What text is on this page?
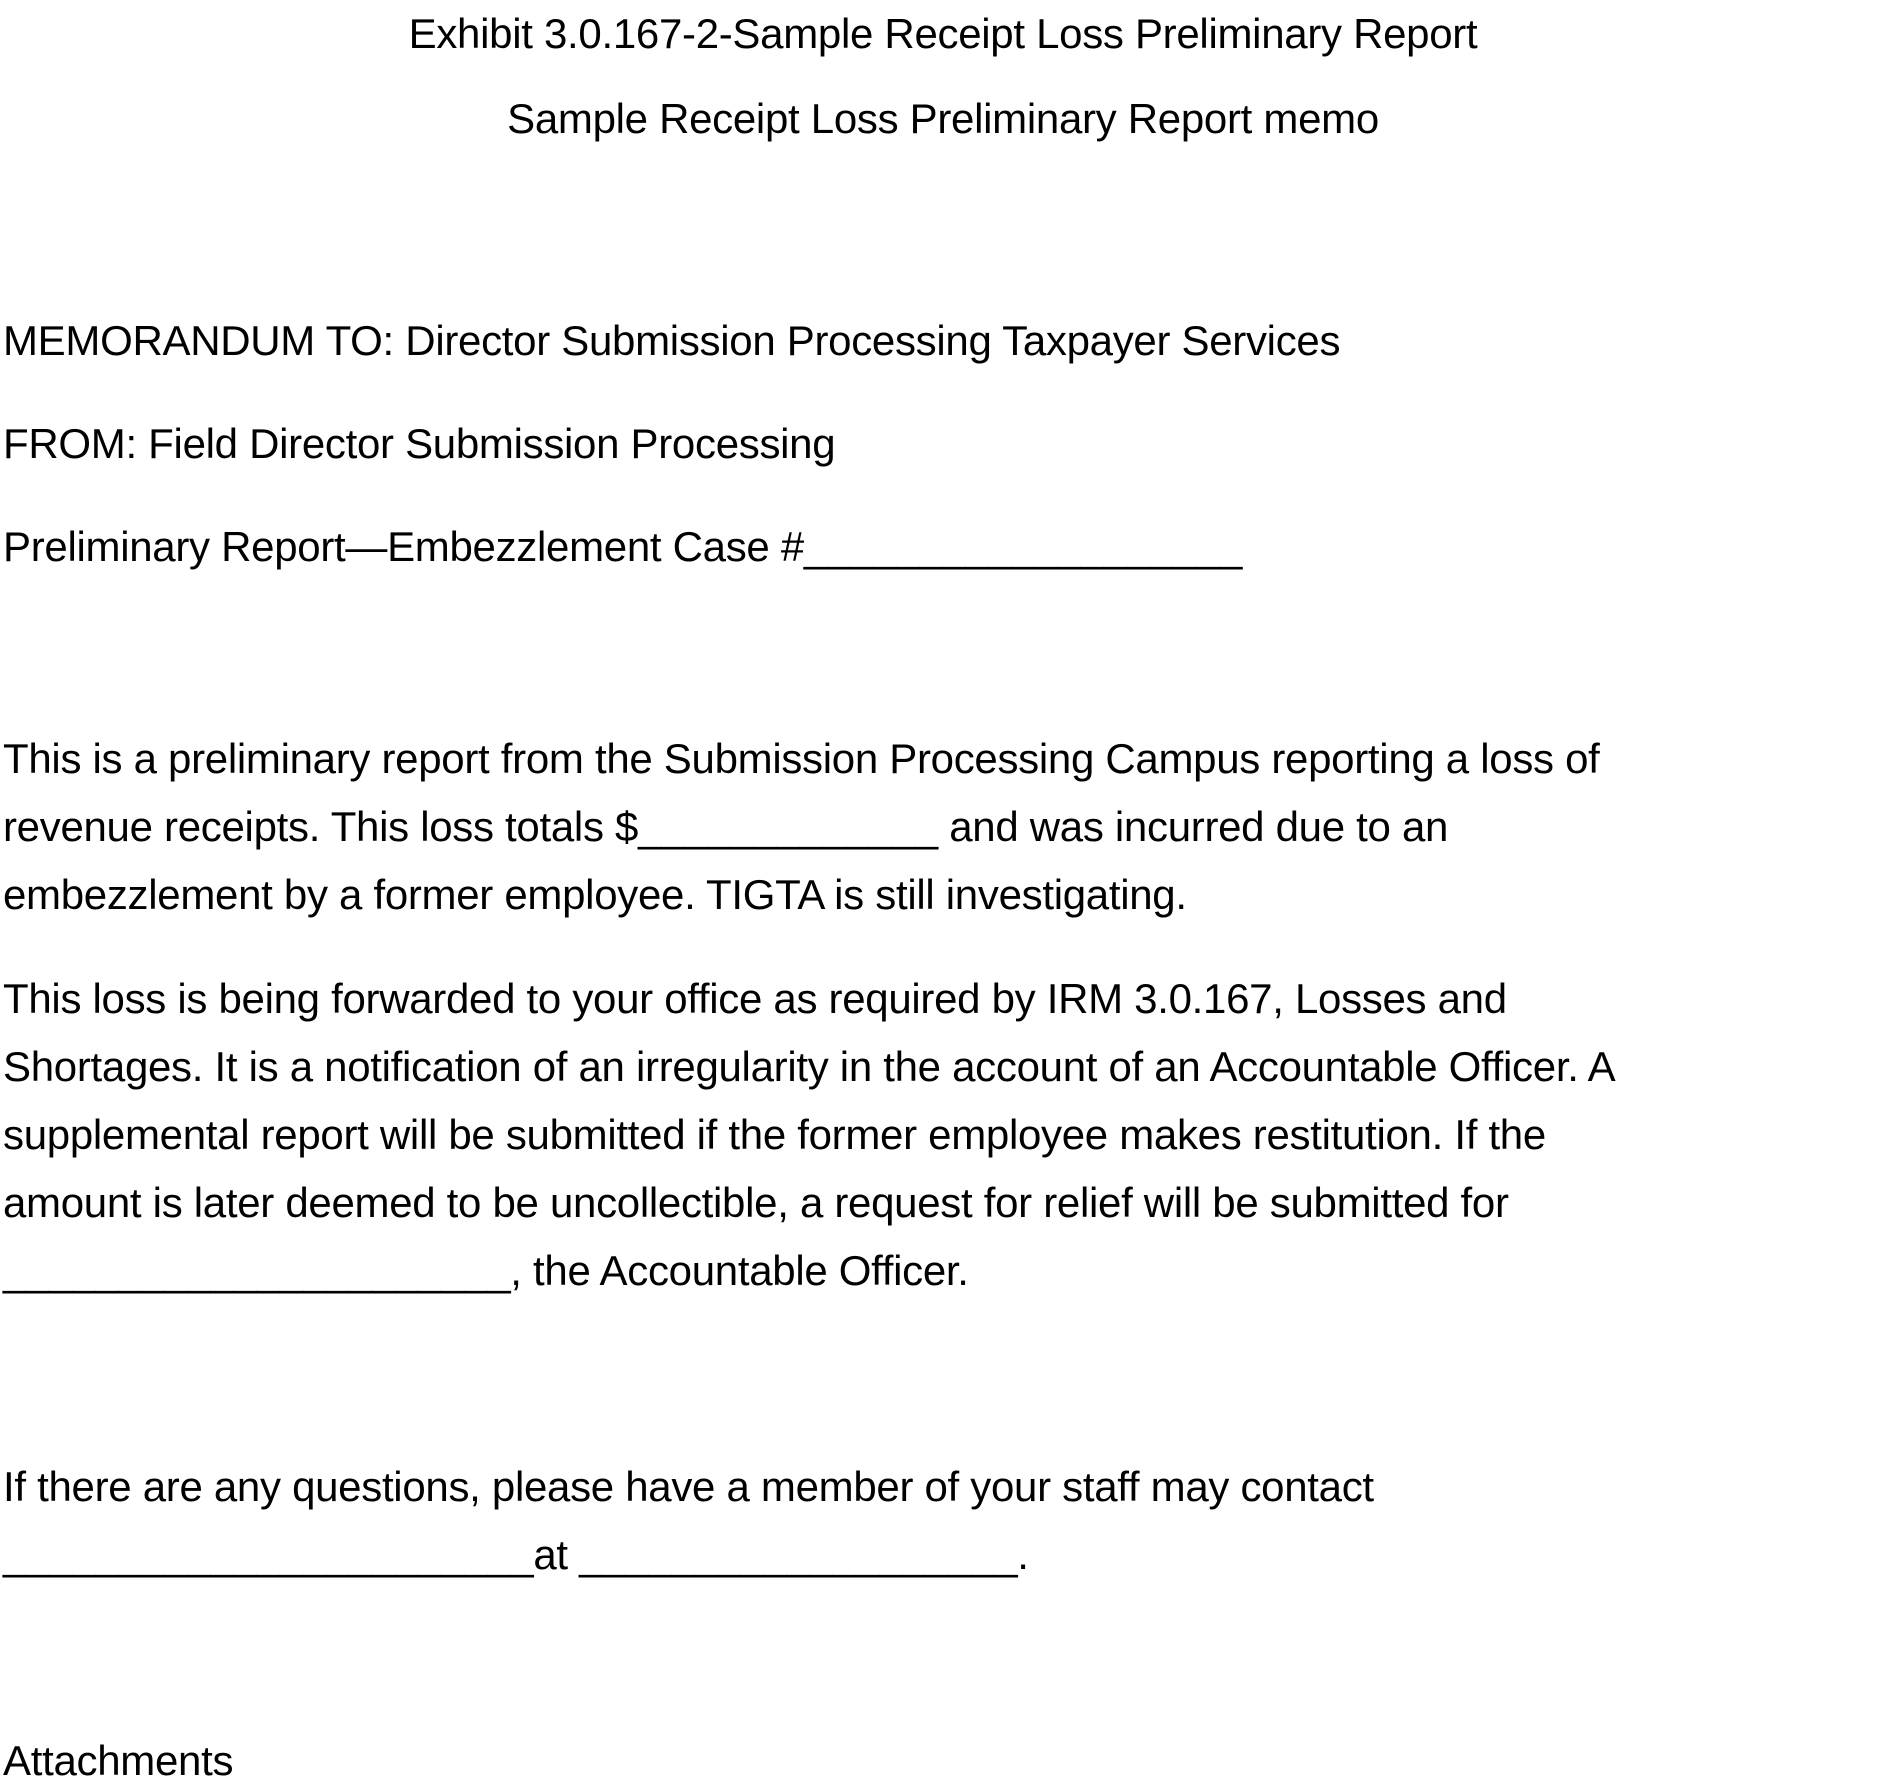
Exhibit 3.0.167-2-Sample Receipt Loss Preliminary Report
Sample Receipt Loss Preliminary Report memo

MEMORANDUM TO: Director Submission Processing Taxpayer Services

FROM: Field Director Submission Processing

Preliminary Report—Embezzlement Case #___________________

This is a preliminary report from the Submission Processing Campus reporting a loss of
revenue receipts. This loss totals $_____________ and was incurred due to an
embezzlement by a former employee. TIGTA is still investigating.
This loss is being forwarded to your office as required by IRM 3.0.167, Losses and
Shortages. It is a notification of an irregularity in the account of an Accountable Officer. A
supplemental report will be submitted if the former employee makes restitution. If the
amount is later deemed to be uncollectible, a request for relief will be submitted for
______________________, the Accountable Officer.
If there are any questions, please have a member of your staff may contact
_______________________at ___________________.

Attachments
